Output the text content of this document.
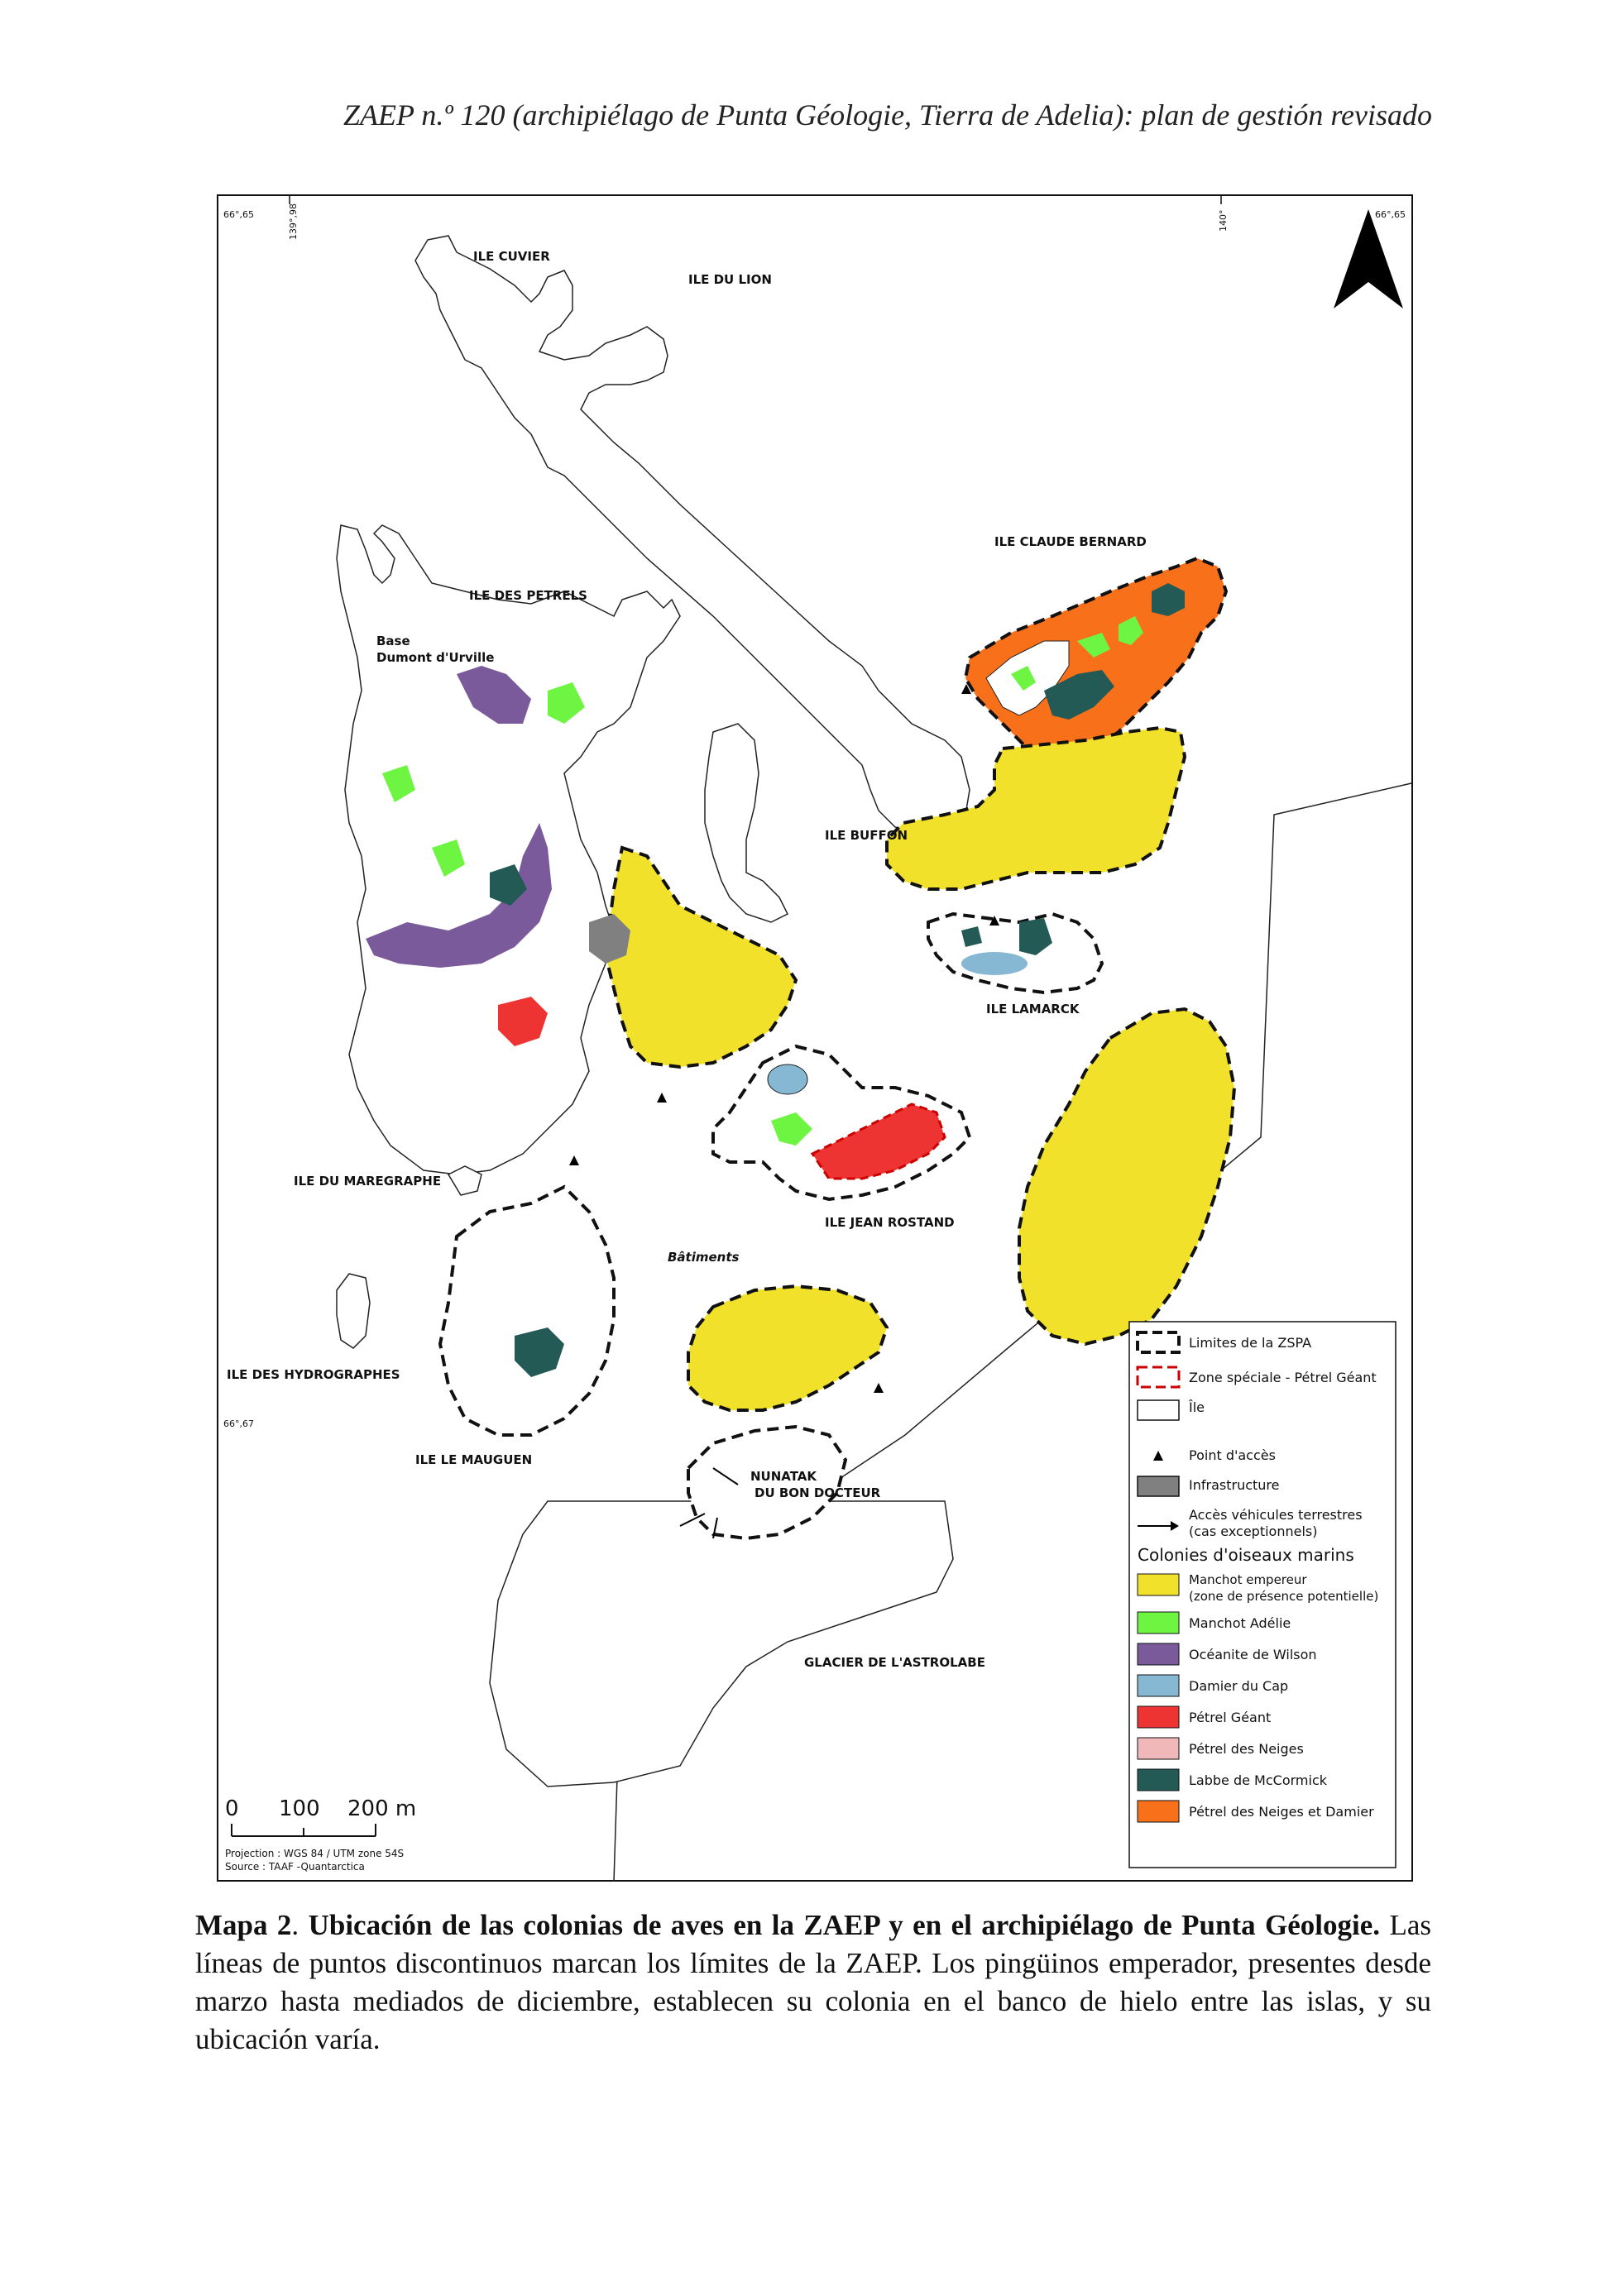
ZAEP n.º 120 (archipiélago de Punta Géologie, Tierra de Adelia): plan de gestión revisado
66°,65	66°,65
139°,98	140°
66°,67
ILE CUVIER
ILE DU LION
ILE DES PETRELS
Base
Dumont d'Urville
ILE CLAUDE BERNARD
ILE BUFFON
ILE LAMARCK
ILE DU MAREGRAPHE
ILE JEAN ROSTAND
Bâtiments
ILE DES HYDROGRAPHES
ILE LE MAUGUEN
NUNATAK
DU BON DOCTEUR
GLACIER DE L'ASTROLABE
0 100 200 m
Projection : WGS 84 / UTM zone 54S
Source : TAAF -Quantarctica
Limites de la ZSPA
Zone spéciale - Pétrel Géant
Île
Point d'accès
Infrastructure
Accès véhicules terrestres
(cas exceptionnels)
Colonies d'oiseaux marins
Manchot empereur
(zone de présence potentielle)
Manchot Adélie
Océanite de Wilson
Damier du Cap
Pétrel Géant
Pétrel des Neiges
Labbe de McCormick
Pétrel des Neiges et Damier
Mapa 2. Ubicación de las colonias de aves en la ZAEP y en el archipiélago de Punta Géologie. Las líneas de puntos discontinuos marcan los límites de la ZAEP. Los pingüinos emperador, presentes desde marzo hasta mediados de diciembre, establecen su colonia en el banco de hielo entre las islas, y su ubicación varía.
